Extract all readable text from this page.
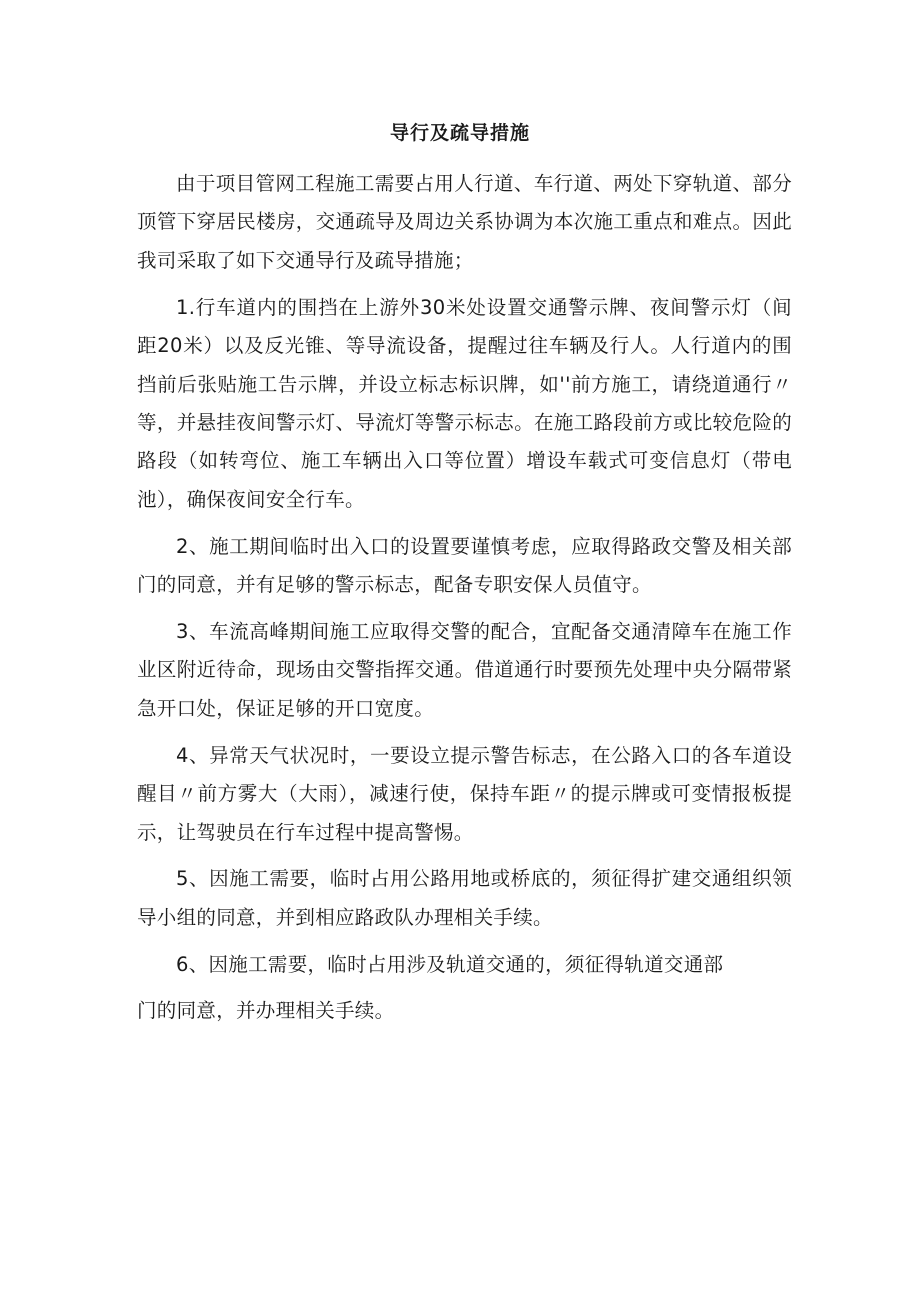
导行及疏导措施

由于项目管网工程施工需要占用人行道、车行道、两处下穿轨道、部分顶管下穿居民楼房，交通疏导及周边关系协调为本次施工重点和难点。因此我司采取了如下交通导行及疏导措施；

1.行车道内的围挡在上游外30米处设置交通警示牌、夜间警示灯（间距20米）以及反光锥、等导流设备，提醒过往车辆及行人。人行道内的围挡前后张贴施工告示牌，并设立标志标识牌，如''前方施工，请绕道通行〃等，并悬挂夜间警示灯、导流灯等警示标志。在施工路段前方或比较危险的路段（如转弯位、施工车辆出入口等位置）增设车载式可变信息灯（带电池），确保夜间安全行车。

2、施工期间临时出入口的设置要谨慎考虑，应取得路政交警及相关部门的同意，并有足够的警示标志，配备专职安保人员值守。

3、车流高峰期间施工应取得交警的配合，宜配备交通清障车在施工作业区附近待命，现场由交警指挥交通。借道通行时要预先处理中央分隔带紧急开口处，保证足够的开口宽度。

4、异常天气状况时，一要设立提示警告标志，在公路入口的各车道设醒目〃前方雾大（大雨），减速行使，保持车距〃的提示牌或可变情报板提示，让驾驶员在行车过程中提高警惕。

5、因施工需要，临时占用公路用地或桥底的，须征得扩建交通组织领导小组的同意，并到相应路政队办理相关手续。

6、因施工需要，临时占用涉及轨道交通的，须征得轨道交通部
门的同意，并办理相关手续。
